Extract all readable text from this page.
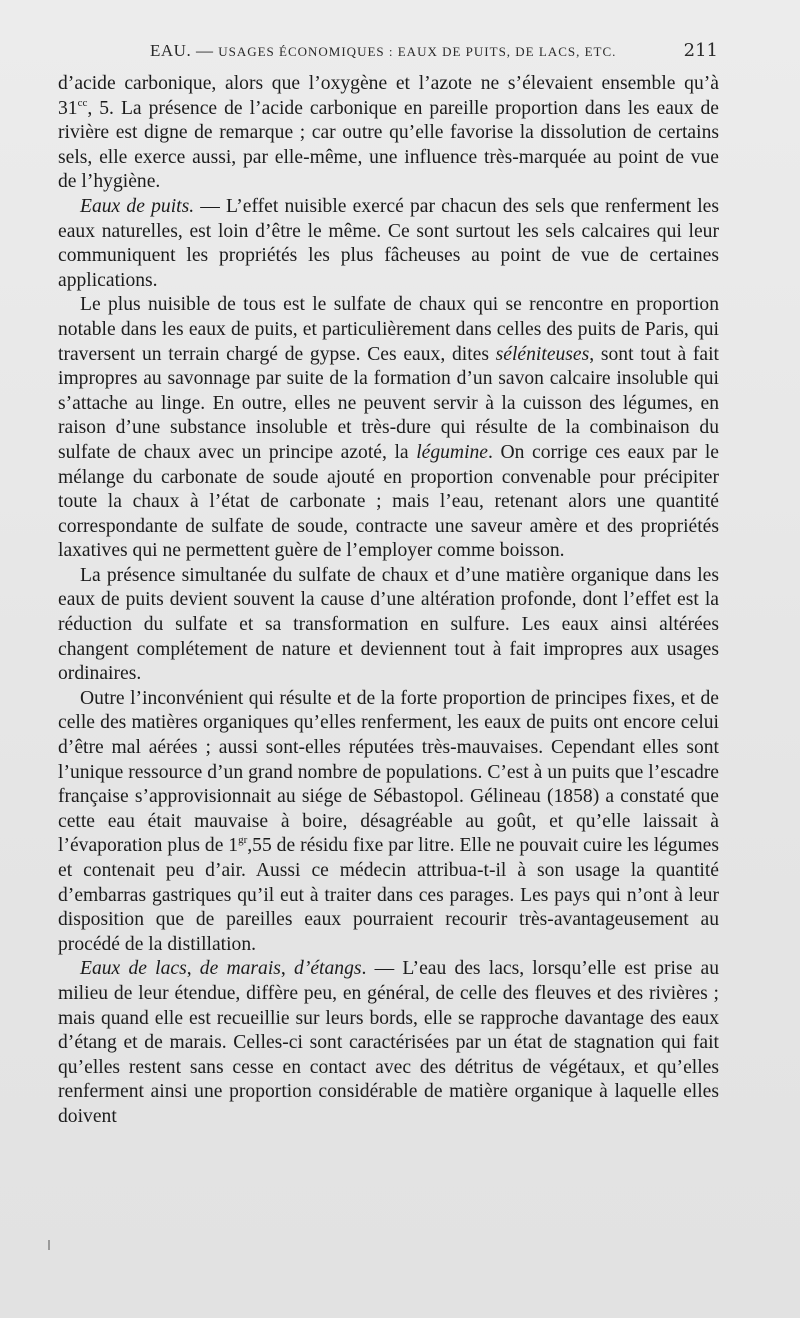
EAU. — USAGES ÉCONOMIQUES : EAUX DE PUITS, DE LACS, ETC.	211

d’acide carbonique, alors que l’oxygène et l’azote ne s’élevaient ensemble qu’à $31^{cc}$, 5. La présence de l’acide carbonique en pareille proportion dans les eaux de rivière est digne de remarque ; car outre qu’elle favorise la dissolution de certains sels, elle exerce aussi, par elle-même, une influence très-marquée au point de vue de l’hygiène.

Eaux de puits. — L’effet nuisible exercé par chacun des sels que renferment les eaux naturelles, est loin d’être le même. Ce sont surtout les sels calcaires qui leur communiquent les propriétés les plus fâcheuses au point de vue de certaines applications.

Le plus nuisible de tous est le sulfate de chaux qui se rencontre en proportion notable dans les eaux de puits, et particulièrement dans celles des puits de Paris, qui traversent un terrain chargé de gypse. Ces eaux, dites séléniteuses, sont tout à fait impropres au savonnage par suite de la formation d’un savon calcaire insoluble qui s’attache au linge. En outre, elles ne peuvent servir à la cuisson des légumes, en raison d’une substance insoluble et très-dure qui résulte de la combinaison du sulfate de chaux avec un principe azoté, la légumine. On corrige ces eaux par le mélange du carbonate de soude ajouté en proportion convenable pour précipiter toute la chaux à l’état de carbonate ; mais l’eau, retenant alors une quantité correspondante de sulfate de soude, contracte une saveur amère et des propriétés laxatives qui ne permettent guère de l’employer comme boisson.

La présence simultanée du sulfate de chaux et d’une matière organique dans les eaux de puits devient souvent la cause d’une altération profonde, dont l’effet est la réduction du sulfate et sa transformation en sulfure. Les eaux ainsi altérées changent complétement de nature et deviennent tout à fait impropres aux usages ordinaires.

Outre l’inconvénient qui résulte et de la forte proportion de principes fixes, et de celle des matières organiques qu’elles renferment, les eaux de puits ont encore celui d’être mal aérées ; aussi sont-elles réputées très-mauvaises. Cependant elles sont l’unique ressource d’un grand nombre de populations. C’est à un puits que l’escadre française s’approvisionnait au siége de Sébastopol. Gélineau (1858) a constaté que cette eau était mauvaise à boire, désagréable au goût, et qu’elle laissait à l’évaporation plus de $1^{gr},55$ de résidu fixe par litre. Elle ne pouvait cuire les légumes et contenait peu d’air. Aussi ce médecin attribua-t-il à son usage la quantité d’embarras gastriques qu’il eut à traiter dans ces parages. Les pays qui n’ont à leur disposition que de pareilles eaux pourraient recourir très-avantageusement au procédé de la distillation.

Eaux de lacs, de marais, d’étangs. — L’eau des lacs, lorsqu’elle est prise au milieu de leur étendue, diffère peu, en général, de celle des fleuves et des rivières ; mais quand elle est recueillie sur leurs bords, elle se rapproche davantage des eaux d’étang et de marais. Celles-ci sont caractérisées par un état de stagnation qui fait qu’elles restent sans cesse en contact avec des détritus de végétaux, et qu’elles renferment ainsi une proportion considérable de matière organique à laquelle elles doivent
